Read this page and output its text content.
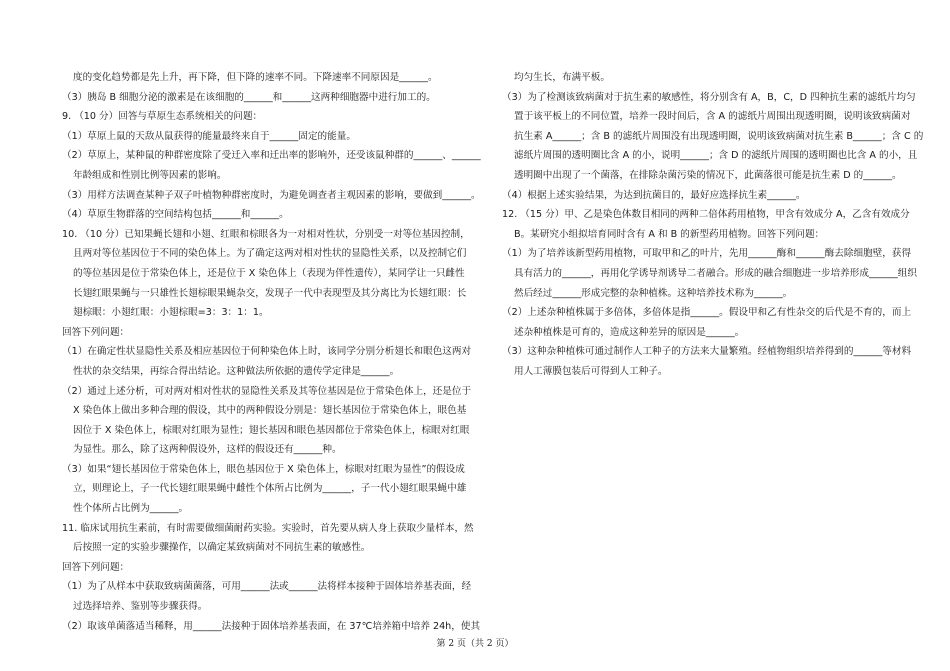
度的变化趋势都是先上升，再下降，但下降的速率不同。下降速率不同原因是______。

（3）胰岛 B 细胞分泌的激素是在该细胞的______和______这两种细胞器中进行加工的。

9. （10 分）回答与草原生态系统相关的问题：

（1）草原上鼠的天敌从鼠获得的能量最终来自于______固定的能量。

（2）草原上，某种鼠的种群密度除了受迁入率和迁出率的影响外，还受该鼠种群的______、______

年龄组成和性别比例等因素的影响。

（3）用样方法调查某种子双子叶植物种群密度时，为避免调查者主观因素的影响，要做到______。

（4）草原生物群落的空间结构包括______和______。

10. （10 分）已知果蝇长翅和小翅、红眼和棕眼各为一对相对性状，分别受一对等位基因控制，

且两对等位基因位于不同的染色体上。为了确定这两对相对性状的显隐性关系，以及控制它们

的等位基因是位于常染色体上，还是位于 X 染色体上（表现为伴性遗传），某同学让一只雌性

长翅红眼果蝇与一只雄性长翅棕眼果蝇杂交，发现子一代中表现型及其分离比为长翅红眼：长

翅棕眼：小翅红眼：小翅棕眼=3：3：1：1。

回答下列问题：

（1）在确定性状显隐性关系及相应基因位于何种染色体上时，该同学分别分析翅长和眼色这两对

性状的杂交结果，再综合得出结论。这种做法所依据的遗传学定律是______。

（2）通过上述分析，可对两对相对性状的显隐性关系及其等位基因是位于常染色体上，还是位于

X 染色体上做出多种合理的假设，其中的两种假设分别是：翅长基因位于常染色体上，眼色基

因位于 X 染色体上，棕眼对红眼为显性；翅长基因和眼色基因都位于常染色体上，棕眼对红眼

为显性。那么，除了这两种假设外，这样的假设还有______种。

（3）如果“翅长基因位于常染色体上，眼色基因位于 X 染色体上，棕眼对红眼为显性”的假设成

立，则理论上，子一代长翅红眼果蝇中雌性个体所占比例为______，子一代小翅红眼果蝇中雄

性个体所占比例为______。

11. 临床试用抗生素前，有时需要做细菌耐药实验。实验时，首先要从病人身上获取少量样本，然

后按照一定的实验步骤操作，以确定某致病菌对不同抗生素的敏感性。

回答下列问题：

（1）为了从样本中获取致病菌菌落，可用______法或______法将样本接种于固体培养基表面，经

过选择培养、鉴别等步骤获得。

（2）取该单菌落适当稀释，用______法接种于固体培养基表面，在 37℃培养箱中培养 24h，使其

均匀生长，布满平板。

（3）为了检测该致病菌对于抗生素的敏感性，将分别含有 A，B，C，D 四种抗生素的滤纸片均匀

置于该平板上的不同位置，培养一段时间后，含 A 的滤纸片周围出现透明圈，说明该致病菌对

抗生素 A______；含 B 的滤纸片周围没有出现透明圈，说明该致病菌对抗生素 B______；含 C 的

滤纸片周围的透明圈比含 A 的小，说明______；含 D 的滤纸片周围的透明圈也比含 A 的小，且

透明圈中出现了一个菌落，在排除杂菌污染的情况下，此菌落很可能是抗生素 D 的______。

（4）根据上述实验结果，为达到抗菌目的，最好应选择抗生素______。

12. （15 分）甲、乙是染色体数目相同的两种二倍体药用植物，甲含有效成分 A，乙含有效成分

B。某研究小组拟培育同时含有 A 和 B 的新型药用植物。回答下列问题：

（1）为了培养该新型药用植物，可取甲和乙的叶片，先用______酶和______酶去除细胞壁，获得

具有活力的______，再用化学诱导剂诱导二者融合。形成的融合细胞进一步培养形成______组织

然后经过______形成完整的杂种植株。这种培养技术称为______。

（2）上述杂种植株属于多倍体，多倍体是指______。假设甲和乙有性杂交的后代是不育的，而上

述杂种植株是可育的，造成这种差异的原因是______。

（3）这种杂种植株可通过制作人工种子的方法来大量繁殖。经植物组织培养得到的______等材料

用人工薄膜包装后可得到人工种子。

第 2 页（共 2 页）
